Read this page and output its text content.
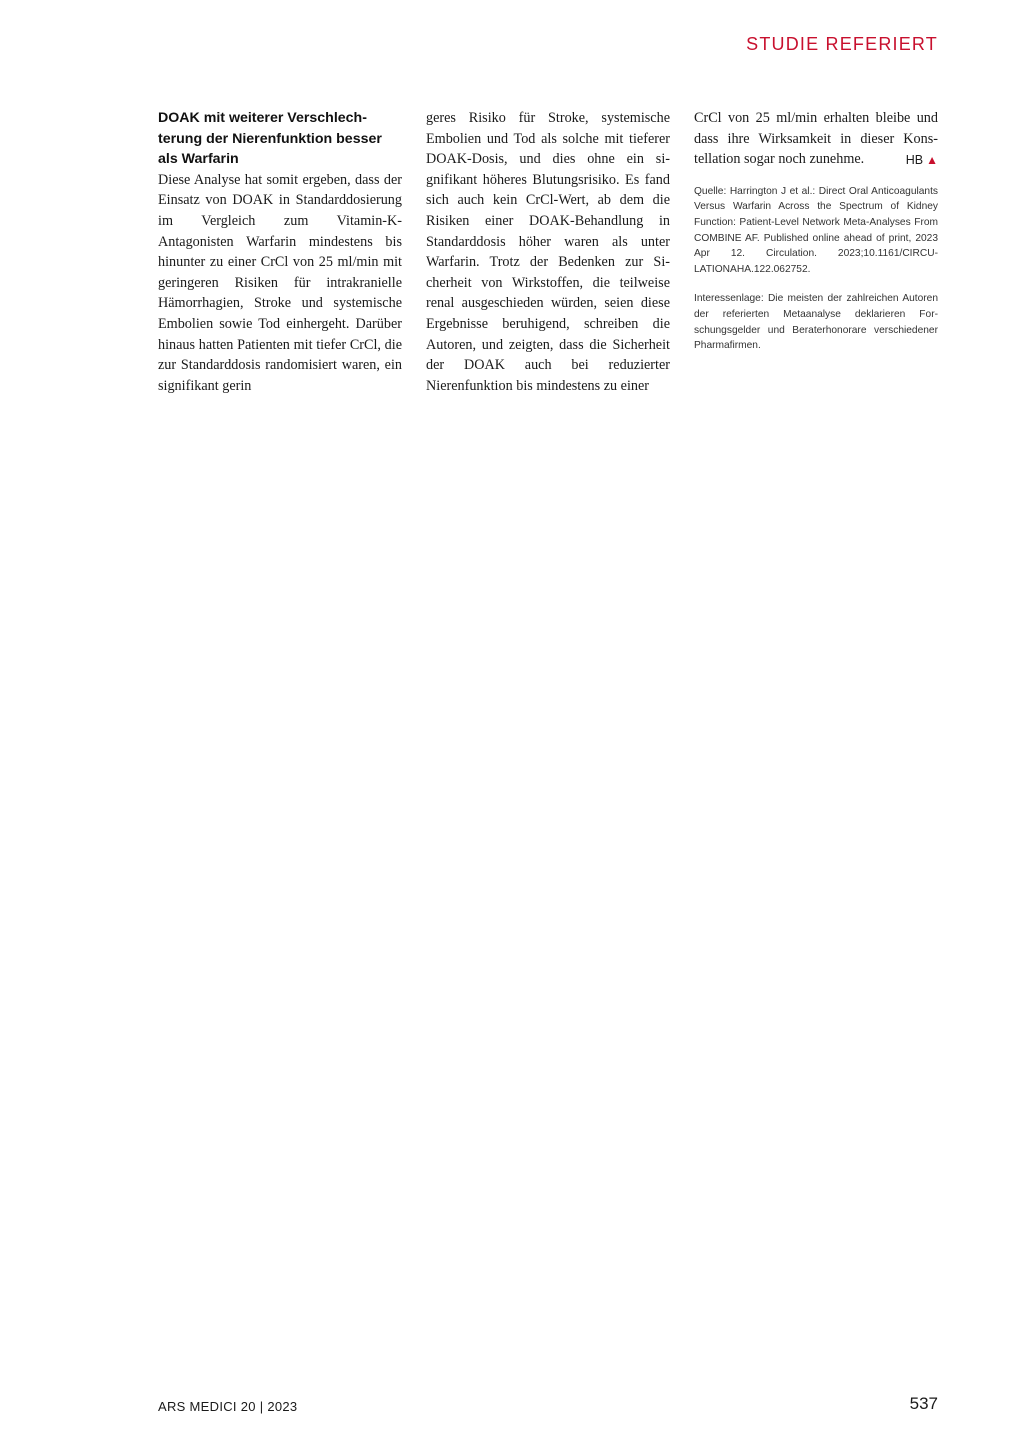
STUDIE REFERIERT
DOAK mit weiterer Verschlechterung der Nierenfunktion besser als Warfarin

Diese Analyse hat somit ergeben, dass der Einsatz von DOAK in Standarddosierung im Vergleich zum Vitamin-K-Antagonisten Warfarin mindestens bis hinunter zu einer CrCl von 25 ml/min mit geringeren Risiken für intrakranielle Hämorrhagien, Stroke und systemische Embolien sowie Tod einhergeht. Darüber hinaus hatten Patienten mit tiefer CrCl, die zur Standarddosis randomisiert waren, ein signifikant gerin

geres Risiko für Stroke, systemische Embolien und Tod als solche mit tieferer DOAK-Dosis, und dies ohne ein signifikant höheres Blutungsrisiko. Es fand sich auch kein CrCl-Wert, ab dem die Risiken einer DOAK-Behandlung in Standarddosis höher waren als unter Warfarin. Trotz der Bedenken zur Sicherheit von Wirkstoffen, die teilweise renal ausgeschieden würden, seien diese Ergebnisse beruhigend, schreiben die Autoren, und zeigten, dass die Sicherheit der DOAK auch bei reduzierter Nierenfunktion bis mindestens zu einer

CrCl von 25 ml/min erhalten bleibe und dass ihre Wirksamkeit in dieser Konstellation sogar noch zunehme.	HB ▲

Quelle: Harrington J et al.: Direct Oral Anticoagulants Versus Warfarin Across the Spectrum of Kidney Function: Patient-Level Network Meta-Analyses From COMBINE AF. Published online ahead of print, 2023 Apr 12. Circulation. 2023;10.1161/CIRCULATIONAHA.122.062752.

Interessenlage: Die meisten der zahlreichen Autoren der referierten Metaanalyse deklarieren Forschungsgelder und Beraterhonorare verschiedener Pharmafirmen.

ARS MEDICI 20 | 2023	537
